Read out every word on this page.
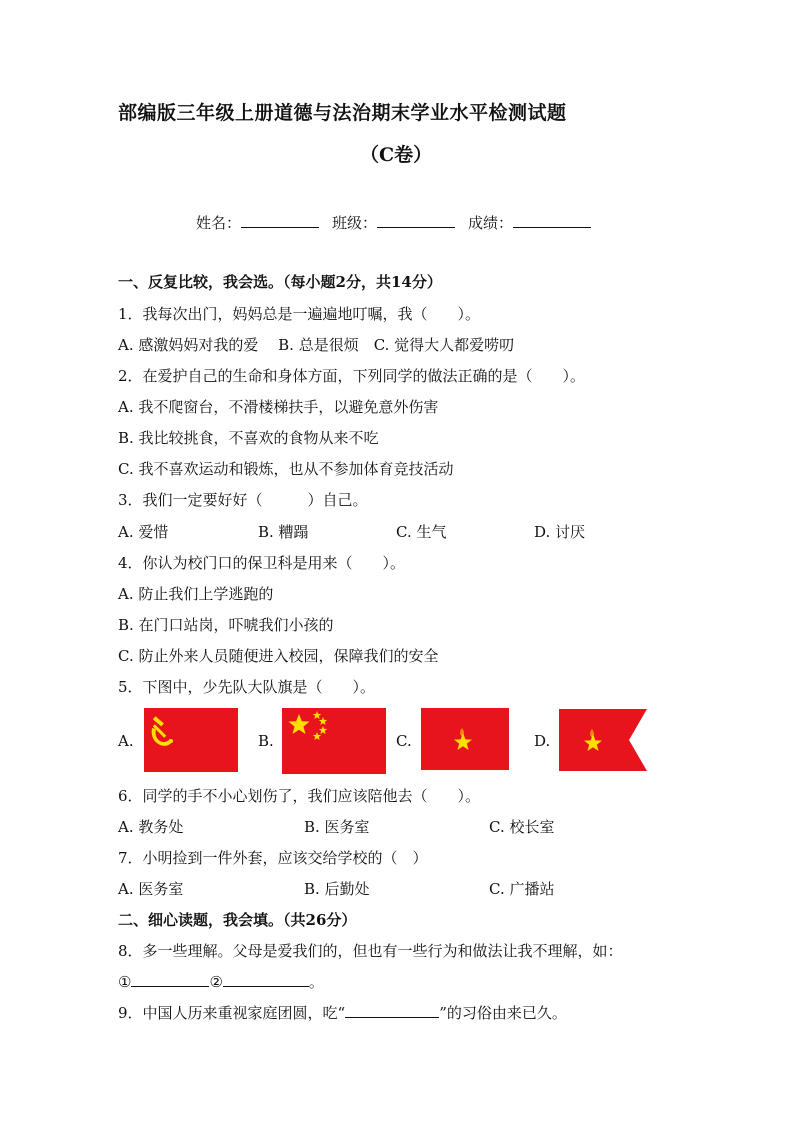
部编版三年级上册道德与法治期末学业水平检测试题
（C卷）
姓名：	班级：	成绩：
一、反复比较，我会选。（每小题2分，共14分）
1．我每次出门，妈妈总是一遍遍地叮嘱，我（　　）。
A. 感激妈妈对我的爱　 B. 总是很烦　C. 觉得大人都爱唠叨
2．在爱护自己的生命和身体方面，下列同学的做法正确的是（　　）。
A. 我不爬窗台，不滑楼梯扶手，以避免意外伤害
B. 我比较挑食，不喜欢的食物从来不吃
C. 我不喜欢运动和锻炼，也从不参加体育竞技活动
3．我们一定要好好（　　　）自己。
A. 爱惜	B. 糟蹋	C. 生气	D. 讨厌
4．你认为校门口的保卫科是用来（　　）。
A. 防止我们上学逃跑的
B. 在门口站岗，吓唬我们小孩的
C. 防止外来人员随便进入校园，保障我们的安全
5．下图中，少先队大队旗是（　　）。
A.	B.	C.	D.
6．同学的手不小心划伤了，我们应该陪他去（　　）。
A. 教务处	B. 医务室	C. 校长室
7．小明捡到一件外套，应该交给学校的（　）
A. 医务室	B. 后勤处	C. 广播站
二、细心读题，我会填。（共26分）
8．多一些理解。父母是爱我们的，但也有一些行为和做法让我不理解，如：
①	②	。
9．中国人历来重视家庭团圆，吃“	”的习俗由来已久。
